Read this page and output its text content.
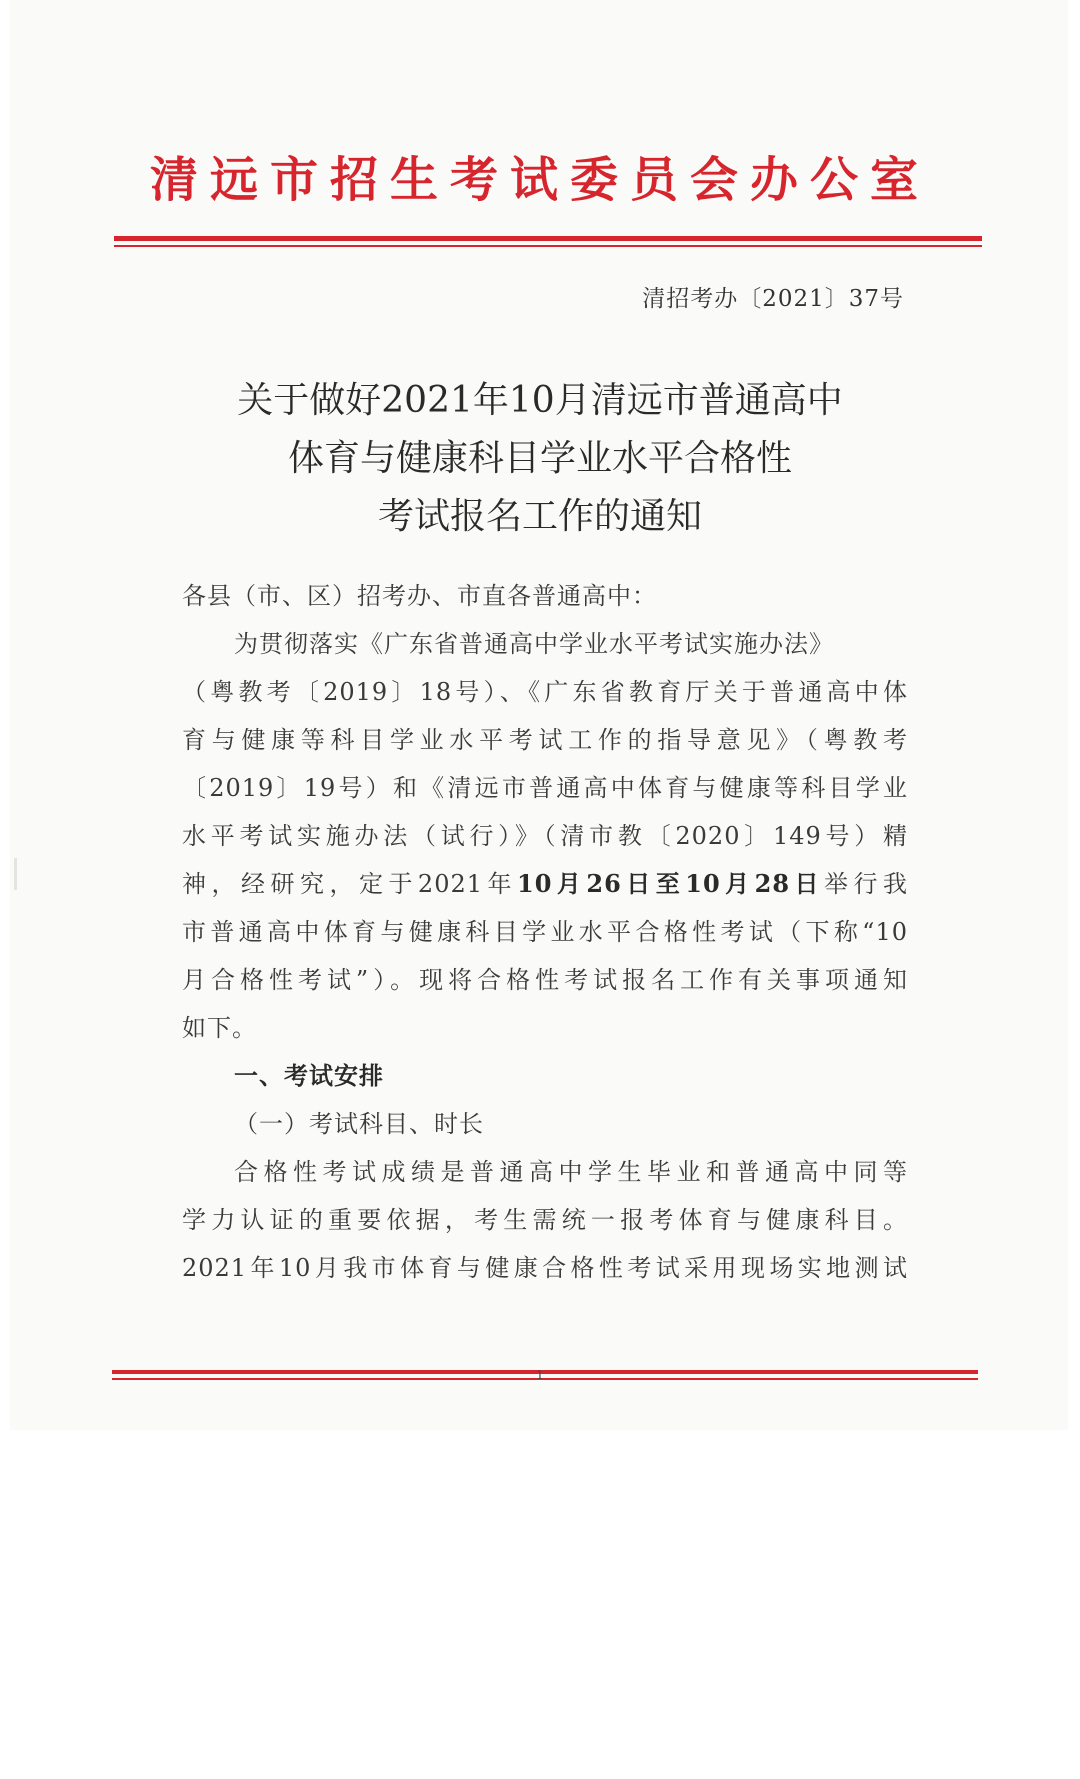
清远市招生考试委员会办公室
清招考办〔2021〕37号
关于做好2021年10月清远市普通高中
体育与健康科目学业水平合格性
考试报名工作的通知
各县（市、区）招考办、市直各普通高中：
为贯彻落实《广东省普通高中学业水平考试实施办法》
（粤教考〔2019〕18号）、《广东省教育厅关于普通高中体
育与健康等科目学业水平考试工作的指导意见》（粤教考
〔2019〕19号）和《清远市普通高中体育与健康等科目学业
水平考试实施办法（试行）》（清市教〔2020〕149号）精
神，经研究，定于2021年10月26日至10月28日举行我
市普通高中体育与健康科目学业水平合格性考试（下称“10
月合格性考试”）。现将合格性考试报名工作有关事项通知
如下。
一、考试安排
（一）考试科目、时长
合格性考试成绩是普通高中学生毕业和普通高中同等
学力认证的重要依据，考生需统一报考体育与健康科目。
2021年10月我市体育与健康合格性考试采用现场实地测试
1
